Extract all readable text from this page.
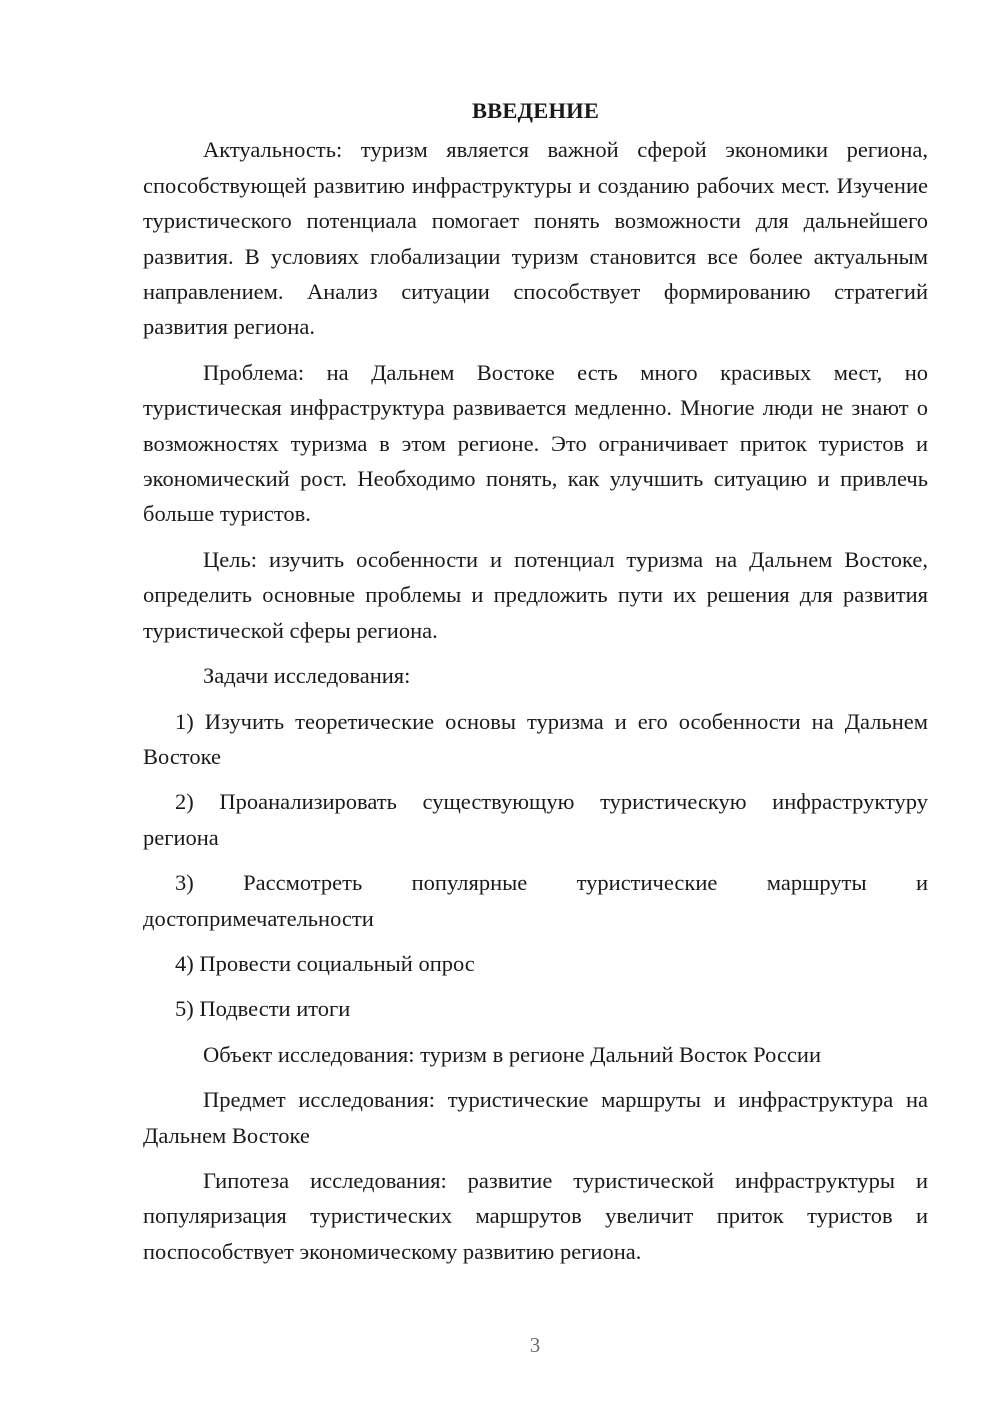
ВВЕДЕНИЕ

Актуальность: туризм является важной сферой экономики региона, способствующей развитию инфраструктуры и созданию рабочих мест. Изучение туристического потенциала помогает понять возможности для дальнейшего развития. В условиях глобализации туризм становится все более актуальным направлением. Анализ ситуации способствует формированию стратегий развития региона.

Проблема: на Дальнем Востоке есть много красивых мест, но туристическая инфраструктура развивается медленно. Многие люди не знают о возможностях туризма в этом регионе. Это ограничивает приток туристов и экономический рост. Необходимо понять, как улучшить ситуацию и привлечь больше туристов.

Цель: изучить особенности и потенциал туризма на Дальнем Востоке, определить основные проблемы и предложить пути их решения для развития туристической сферы региона.

Задачи исследования:

1) Изучить теоретические основы туризма и его особенности на Дальнем Востоке

2) Проанализировать существующую туристическую инфраструктуру региона

3) Рассмотреть популярные туристические маршруты и достопримечательности

4) Провести социальный опрос

5) Подвести итоги

Объект исследования: туризм в регионе Дальний Восток России

Предмет исследования: туристические маршруты и инфраструктура на Дальнем Востоке

Гипотеза исследования: развитие туристической инфраструктуры и популяризация туристических маршрутов увеличит приток туристов и поспособствует экономическому развитию региона.

3
